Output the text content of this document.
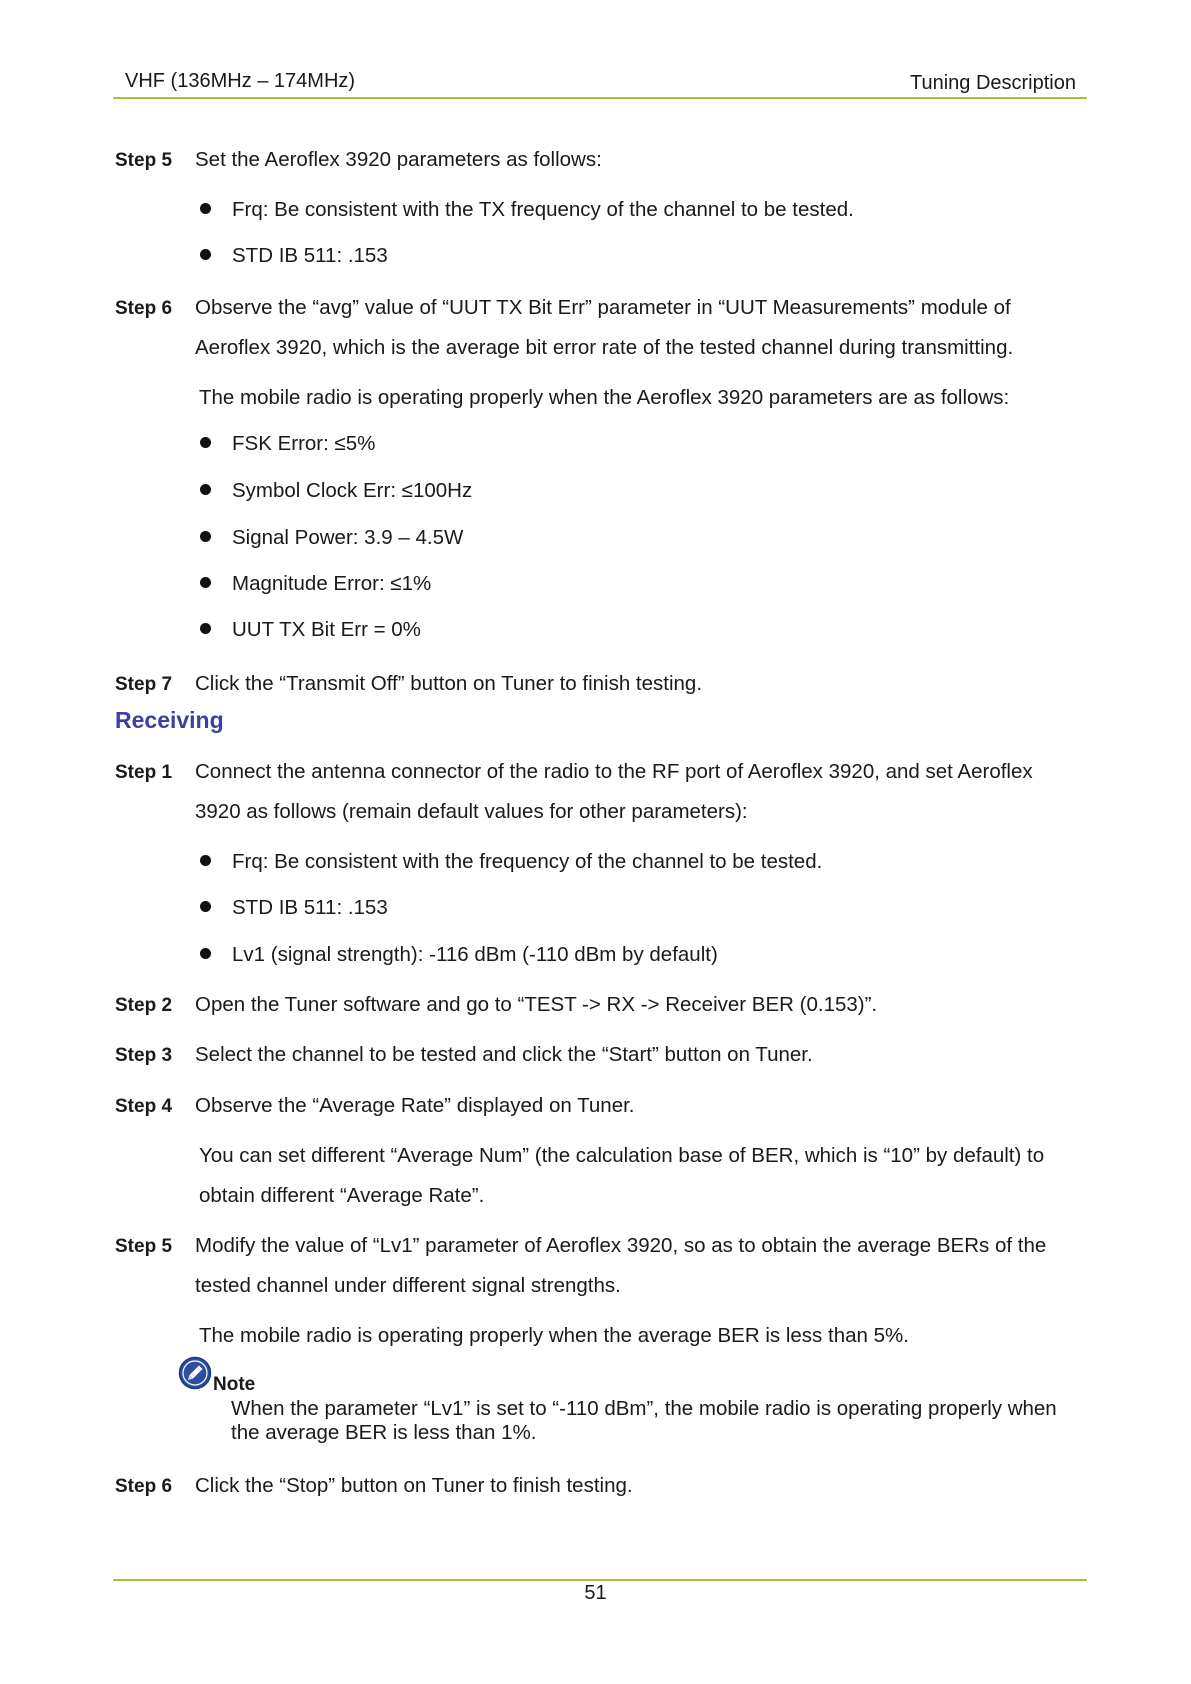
VHF (136MHz – 174MHz)	Tuning Description
Step 5 Set the Aeroflex 3920 parameters as follows:
Frq: Be consistent with the TX frequency of the channel to be tested.
STD IB 511: .153
Step 6 Observe the “avg” value of “UUT TX Bit Err” parameter in “UUT Measurements” module of
Aeroflex 3920, which is the average bit error rate of the tested channel during transmitting.
The mobile radio is operating properly when the Aeroflex 3920 parameters are as follows:
FSK Error: ≤5%
Symbol Clock Err: ≤100Hz
Signal Power: 3.9 – 4.5W
Magnitude Error: ≤1%
UUT TX Bit Err = 0%
Step 7 Click the “Transmit Off” button on Tuner to finish testing.
Receiving
Step 1 Connect the antenna connector of the radio to the RF port of Aeroflex 3920, and set Aeroflex
3920 as follows (remain default values for other parameters):
Frq: Be consistent with the frequency of the channel to be tested.
STD IB 511: .153
Lv1 (signal strength): -116 dBm (-110 dBm by default)
Step 2 Open the Tuner software and go to “TEST -> RX -> Receiver BER (0.153)”.
Step 3 Select the channel to be tested and click the “Start” button on Tuner.
Step 4 Observe the “Average Rate” displayed on Tuner.
You can set different “Average Num” (the calculation base of BER, which is “10” by default) to
obtain different “Average Rate”.
Step 5 Modify the value of “Lv1” parameter of Aeroflex 3920, so as to obtain the average BERs of the
tested channel under different signal strengths.
The mobile radio is operating properly when the average BER is less than 5%.
Note
When the parameter “Lv1” is set to “-110 dBm”, the mobile radio is operating properly when
the average BER is less than 1%.
Step 6 Click the “Stop” button on Tuner to finish testing.
51
